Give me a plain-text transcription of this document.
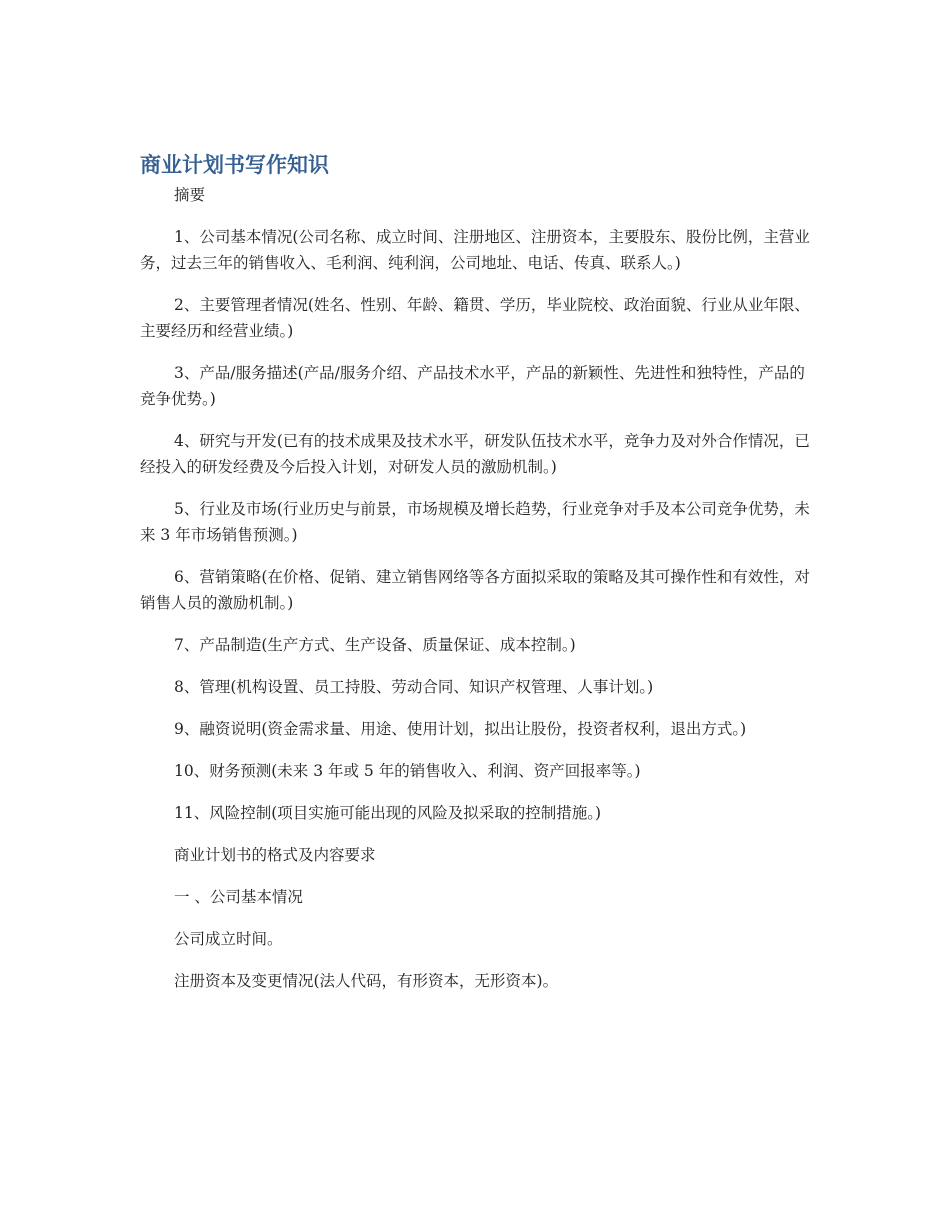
商业计划书写作知识

摘要

1、公司基本情况(公司名称、成立时间、注册地区、注册资本，主要股东、股份比例，主营业务，过去三年的销售收入、毛利润、纯利润，公司地址、电话、传真、联系人。)

2、主要管理者情况(姓名、性别、年龄、籍贯、学历，毕业院校、政治面貌、行业从业年限、主要经历和经营业绩。)

3、产品/服务描述(产品/服务介绍、产品技术水平，产品的新颖性、先进性和独特性，产品的竞争优势。)

4、研究与开发(已有的技术成果及技术水平，研发队伍技术水平，竞争力及对外合作情况，已经投入的研发经费及今后投入计划，对研发人员的激励机制。)

5、行业及市场(行业历史与前景，市场规模及增长趋势，行业竞争对手及本公司竞争优势，未来 3 年市场销售预测。)

6、营销策略(在价格、促销、建立销售网络等各方面拟采取的策略及其可操作性和有效性，对销售人员的激励机制。)

7、产品制造(生产方式、生产设备、质量保证、成本控制。)

8、管理(机构设置、员工持股、劳动合同、知识产权管理、人事计划。)

9、融资说明(资金需求量、用途、使用计划，拟出让股份，投资者权利，退出方式。)

10、财务预测(未来 3 年或 5 年的销售收入、利润、资产回报率等。)

11、风险控制(项目实施可能出现的风险及拟采取的控制措施。)

商业计划书的格式及内容要求

一 、公司基本情况

公司成立时间。

注册资本及变更情况(法人代码，有形资本，无形资本)。
